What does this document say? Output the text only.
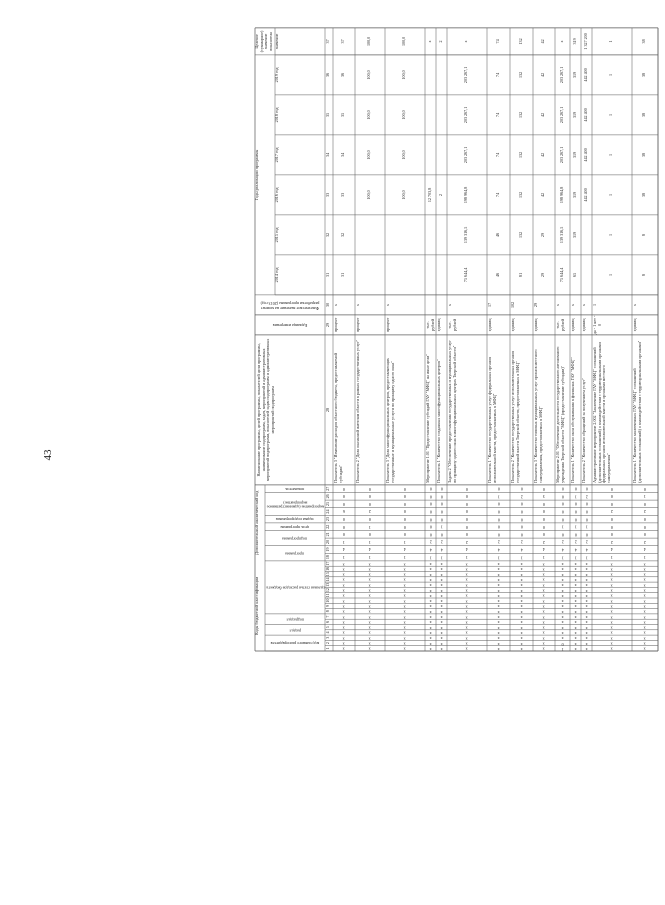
43
Коды бюджетной классификации
Дополнительный аналитический код
Годы реализации программы
Целевое (суммарное) значение показателя
код главного распорядителя
раздел
подраздел
целевая статья расходов бюджета
программа
подпрограмма
цель программы
задача подпрограммы
мероприятие (административное мероприятие)
показатель
Наименование программы, целей программы, показателей цели программы, наименование подпрограмм, задач, мероприятий и административных мероприятий подпрограмм, показателей задач подпрограмм и административных мероприятий подпрограмм
Единица измерения
Фактическое значение на момент разработки программы (2013 год)
2014 год
2015 год
2016 год
2017 год
2018 год
2019 год
значение
1
2
3
4
5
6
7
8
9
10
11
12
13
14
15
16
17
18
19
20
21
22
23
24
25
26
27
28
29
30
31
32
33
34
35
36
37
x
x
x
x
x
x
x
x
x
x
x
x
x
x
x
x
x
1
4
1
0
0
0
6
0
0
0
Показатель 3 "Изменение расходов областного бюджета, предоставляемой субсидии"
процент
x
31
32
33
34
35
36
37
x
x
x
x
x
x
x
x
x
x
x
x
x
x
x
x
x
1
4
1
0
1
0
2
0
0
0
Показатель 2 "Доля оказанной жителям области в рамках государственных услуг"
процент
x
100,0
100,0
100,0
100,0
100,0
x
x
x
x
x
x
x
x
x
x
x
x
x
x
x
x
x
1
4
1
0
0
0
0
0
0
0
Показатель 3 "Доля многофункциональных центров, предоставляющих государственные и муниципальные услуги по принципу одного окна"
процент
x
100,0
100,0
100,0
100,0
100,0
x
x
x
x
x
x
x
x
x
x
x
x
x
x
x
x
x
1
4
2
0
0
0
0
0
0
0
Мероприятие 1.01 "Предоставление субсидий ГАУ "МФЦ" на иные цели"
тыс. рублей
12 703,8
x
x
x
x
x
x
x
x
x
x
x
x
x
x
x
x
x
x
1
4
2
0
1
0
0
0
0
0
Показатель 1 "Количество созданных многофункциональных центров"
единиц
2
2
x
x
x
x
x
x
x
x
x
x
x
x
x
x
x
x
x
1
4
2
0
0
0
0
0
0
0
Задача 2 "Обеспечение предоставления государственных и муниципальных услуг по принципу одного окна в многофункциональных центрах Тверской области"
тыс. рублей
x
75 644,4
139 316,5
198 964,8
203 267,1
203 267,1
203 267,1
x
x
x
x
x
x
x
x
x
x
x
x
x
x
x
x
x
x
1
4
2
0
0
0
0
0
1
0
Показатель 1 "Количество государственных услуг федеральных органов исполнительной власти, предоставляемых в МФЦ"
единиц
17
46
46
74
74
74
74
74
x
x
x
x
x
x
x
x
x
x
x
x
x
x
x
x
x
1
4
2
0
0
0
0
0
2
0
Показатель 2 "Количество государственных услуг исполнительных органов государственной власти Тверской области, предоставляемых в МФЦ"
единиц
102
81
132
132
132
132
132
132
x
x
x
x
x
x
x
x
x
x
x
x
x
x
x
x
x
1
4
2
0
0
0
0
0
3
0
Показатель 3 "Количество типовых муниципальных услуг органов местного самоуправления, предоставляемых в МФЦ"
единиц
29
29
29
42
42
42
42
42
1
0
x
x
x
x
x
x
x
x
x
x
x
x
x
x
x
1
4
2
0
1
0
0
0
0
0
Мероприятие 2.01 "Обеспечение деятельности государственного автономного учреждения Тверской области "МФЦ" (предоставление субсидии)"
тыс. рублей
x
75 644,4
139 316,5
198 964,8
203 267,1
203 267,1
203 267,1
x
x
x
x
x
x
x
x
x
x
x
x
x
x
x
x
x
x
1
4
2
0
1
0
0
0
1
0
Показатель 1 "Количество окон обслуживания в филиалах ГАУ "МФЦ""
единиц
x
65
319
319
319
319
319
319
x
x
x
x
x
x
x
x
x
x
x
x
x
x
x
x
x
1
4
2
0
1
0
0
0
2
0
Показатель 2 "Количество обращений за получением услуг"
единиц
x
442 400
442 400
442 400
442 400
1 327 200
x
x
x
x
x
x
x
x
x
x
x
x
x
x
x
x
x
1
4
2
0
0
0
2
0
0
0
Административное мероприятие 2.002 "Заключение ГАУ "МФЦ" соглашений (дополнительных соглашений) о взаимодействии с территориальными органами федеральных органов исполнительной власти и органами местного самоуправления"
да - 1 нет - 0
1
1
1
1
1
1
1
1
x
x
x
x
x
x
x
x
x
x
x
x
x
x
x
x
x
1
4
2
0
0
0
2
0
1
0
Показатель 1 "Количество заключенных ГАУ "МФЦ" соглашений (дополнительных соглашений) о взаимодействии с территориальными органами"
единиц
x
8
8
38
38
38
38
38
